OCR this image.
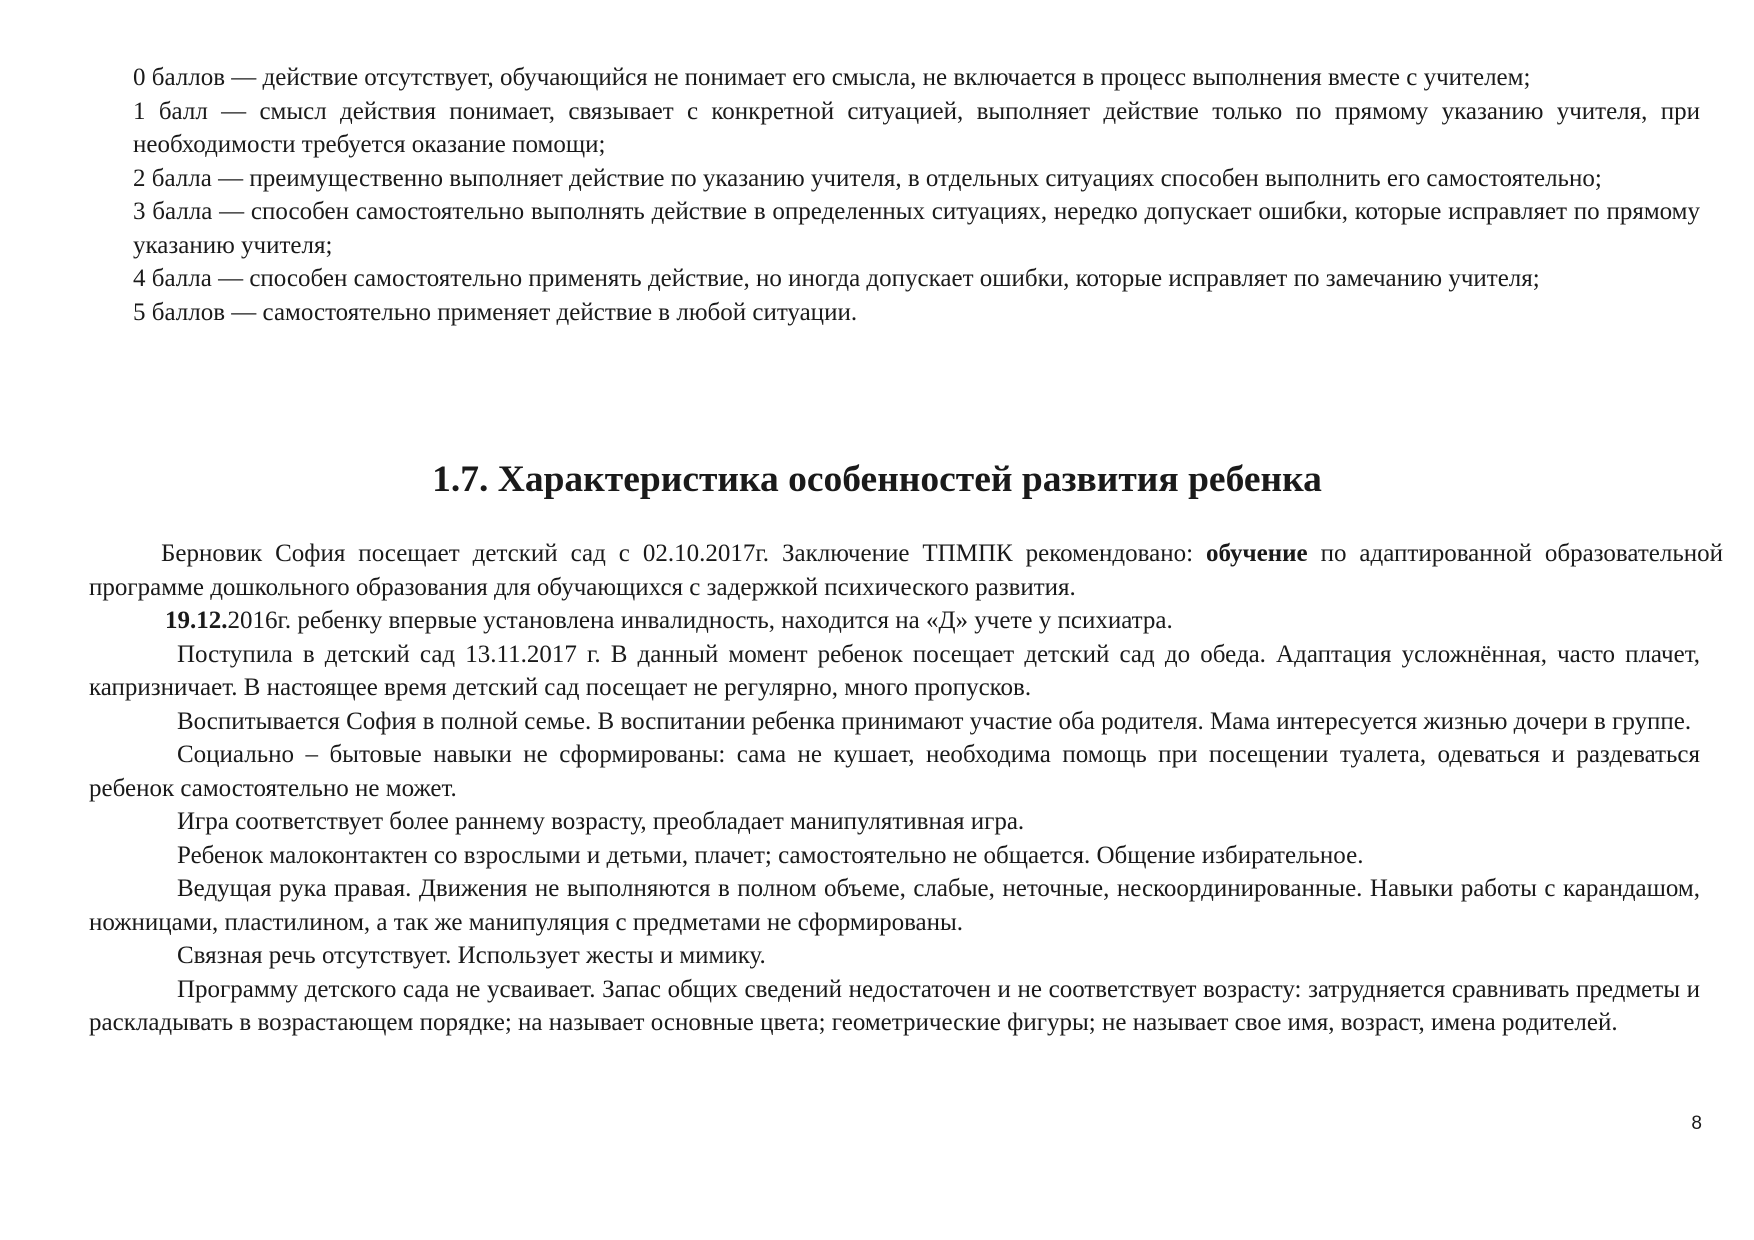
0 баллов — действие отсутствует, обучающийся не понимает его смысла, не включается в процесс выполнения вместе с учителем;

1 балл — смысл действия понимает, связывает с конкретной ситуацией, выполняет действие только по прямому указанию учителя, при необходимости требуется оказание помощи;

2 балла — преимущественно выполняет действие по указанию учителя, в отдельных ситуациях способен выполнить его самостоятельно;

3 балла — способен самостоятельно выполнять действие в определенных ситуациях, нередко допускает ошибки, которые исправляет по прямому указанию учителя;

4 балла — способен самостоятельно применять действие, но иногда допускает ошибки, которые исправляет по замечанию учителя;

5 баллов — самостоятельно применяет действие в любой ситуации.

1.7. Характеристика особенностей развития ребенка

Берновик София посещает детский сад с 02.10.2017г. Заключение ТПМПК рекомендовано: обучение по адаптированной образовательной программе дошкольного образования для обучающихся с задержкой психического развития.

19.12.2016г. ребенку впервые установлена инвалидность, находится на «Д» учете у психиатра.

Поступила в детский сад 13.11.2017 г. В данный момент ребенок посещает детский сад до обеда. Адаптация усложнённая, часто плачет, капризничает. В настоящее время детский сад посещает не регулярно, много пропусков.

Воспитывается София в полной семье. В воспитании ребенка принимают участие оба родителя. Мама интересуется жизнью дочери в группе.

Социально – бытовые навыки не сформированы: сама не кушает, необходима помощь при посещении туалета, одеваться и раздеваться ребенок самостоятельно не может.

Игра соответствует более раннему возрасту, преобладает манипулятивная игра.

Ребенок малоконтактен со взрослыми и детьми, плачет; самостоятельно не общается. Общение избирательное.

Ведущая рука правая. Движения не выполняются в полном объеме, слабые, неточные, нескоординированные. Навыки работы с карандашом, ножницами, пластилином, а так же манипуляция с предметами не сформированы.

Связная речь отсутствует. Использует жесты и мимику.

Программу детского сада не усваивает. Запас общих сведений недостаточен и не соответствует возрасту: затрудняется сравнивать предметы и раскладывать в возрастающем порядке; на называет основные цвета; геометрические фигуры; не называет свое имя, возраст, имена родителей.

8
